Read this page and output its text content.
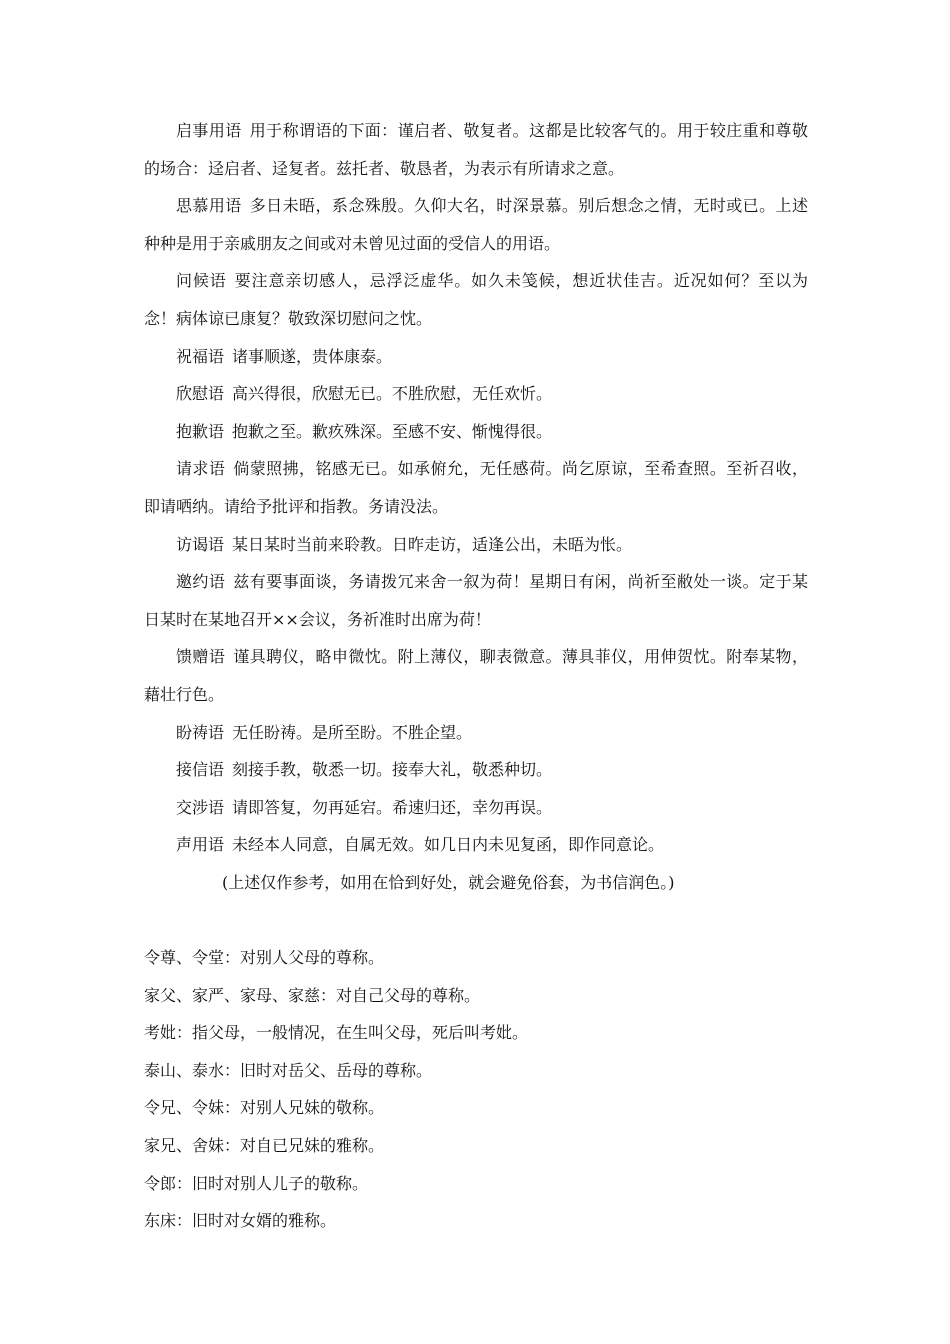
启事用语 用于称谓语的下面：谨启者、敬复者。这都是比较客气的。用于较庄重和尊敬的场合：迳启者、迳复者。兹托者、敬恳者，为表示有所请求之意。

思慕用语 多日未晤，系念殊殷。久仰大名，时深景慕。别后想念之情，无时或已。上述种种是用于亲戚朋友之间或对未曾见过面的受信人的用语。

问候语 要注意亲切感人，忌浮泛虚华。如久未笺候，想近状佳吉。近况如何？至以为念！病体谅已康复？敬致深切慰问之忱。

祝福语 诸事顺遂，贵体康泰。

欣慰语 高兴得很，欣慰无已。不胜欣慰，无任欢忻。

抱歉语 抱歉之至。歉疚殊深。至感不安、惭愧得很。

请求语 倘蒙照拂，铭感无已。如承俯允，无任感荷。尚乞原谅，至希查照。至祈召收，即请哂纳。请给予批评和指教。务请没法。

访谒语 某日某时当前来聆教。日昨走访，适逢公出，未晤为怅。

邀约语 兹有要事面谈，务请拨冗来舍一叙为荷！星期日有闲，尚祈至敝处一谈。定于某日某时在某地召开××会议，务祈准时出席为荷！

馈赠语 谨具聘仪，略申微忱。附上薄仪，聊表微意。薄具菲仪，用伸贺忱。附奉某物，藉壮行色。

盼祷语 无任盼祷。是所至盼。不胜企望。

接信语 刻接手教，敬悉一切。接奉大礼，敬悉种切。

交涉语 请即答复，勿再延宕。希速归还，幸勿再误。

声用语 未经本人同意，自属无效。如几日内未见复函，即作同意论。

(上述仅作参考，如用在恰到好处，就会避免俗套，为书信润色。)

令尊、令堂：对别人父母的尊称。

家父、家严、家母、家慈：对自己父母的尊称。

考妣：指父母，一般情况，在生叫父母，死后叫考妣。

泰山、泰水：旧时对岳父、岳母的尊称。

令兄、令妹：对别人兄妹的敬称。

家兄、舍妹：对自已兄妹的雅称。

令郎：旧时对别人儿子的敬称。

东床：旧时对女婿的雅称。
